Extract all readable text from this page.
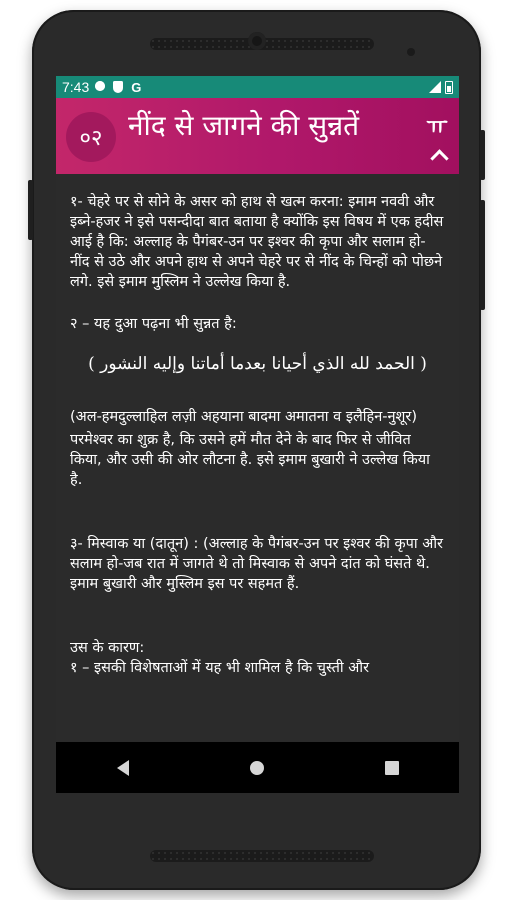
7:43	G
०२ नींद से जागने की सुन्नतें	ㅠ

१- चेहरे पर से सोने के असर को हाथ से खत्म करना: इमाम नववी और इब्ने-हजर ने इसे पसन्दीदा बात बताया है क्योंकि इस विषय में एक हदीस आई है कि: अल्लाह के पैगंबर-उन पर इश्वर की कृपा और सलाम हो- नींद से उठे और अपने हाथ से अपने चेहरे पर से नींद के चिन्हों को पोछने लगे. इसे इमाम मुस्लिम ने उल्लेख किया है.

२ – यह दुआ पढ़ना भी सुन्नत है:

( الحمد لله الذي أحيانا بعدما أماتنا وإليه النشور )

(अल-हमदुल्लाहिल लज़ी अहयाना बादमा अमातना व इलैहिन-नुशूर)

परमेश्वर का शुक्र है, कि उसने हमें मौत देने के बाद फिर से जीवित किया, और उसी की ओर लौटना है. इसे इमाम बुखारी ने उल्लेख किया है.

३- मिस्वाक या (दातून) : (अल्लाह के पैगंबर-उन पर इश्वर की कृपा और सलाम हो-जब रात में जागते थे तो मिस्वाक से अपने दांत को घंसते थे. इमाम बुखारी और मुस्लिम इस पर सहमत हैं.

उस के कारण:

१ – इसकी विशेषताओं में यह भी शामिल है कि चुस्ती और
